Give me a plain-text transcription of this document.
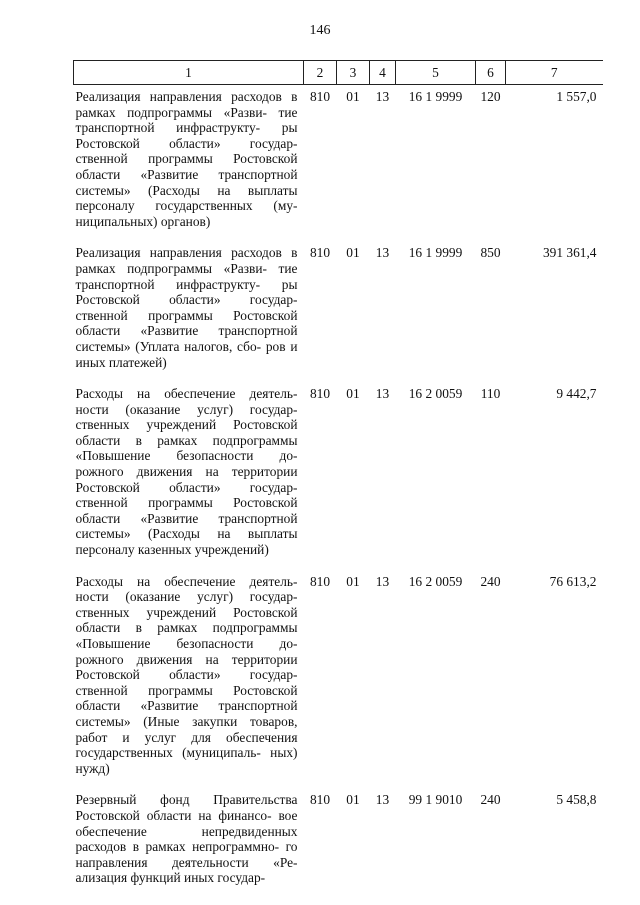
146
1	2	3	4	5	6	7
Реализация направления расходов в рамках подпрограммы «Разви- тие транспортной инфраструкту- ры Ростовской области» государ- ственной программы Ростовской области «Развитие транспортной системы» (Расходы на выплаты персоналу государственных (му- ниципальных) органов)	810	01	13	16 1 9999	120	1 557,0

Реализация направления расходов в рамках подпрограммы «Разви- тие транспортной инфраструкту- ры Ростовской области» государ- ственной программы Ростовской области «Развитие транспортной системы» (Уплата налогов, сбо- ров и иных платежей)	810	01	13	16 1 9999	850	391 361,4

Расходы на обеспечение деятель- ности (оказание услуг) государ- ственных учреждений Ростовской области в рамках подпрограммы «Повышение безопасности до- рожного движения на территории Ростовской области» государ- ственной программы Ростовской области «Развитие транспортной системы» (Расходы на выплаты персоналу казенных учреждений)	810	01	13	16 2 0059	110	9 442,7

Расходы на обеспечение деятель- ности (оказание услуг) государ- ственных учреждений Ростовской области в рамках подпрограммы «Повышение безопасности до- рожного движения на территории Ростовской области» государ- ственной программы Ростовской области «Развитие транспортной системы» (Иные закупки товаров, работ и услуг для обеспечения государственных (муниципаль- ных) нужд)	810	01	13	16 2 0059	240	76 613,2

Резервный фонд Правительства Ростовской области на финансо- вое обеспечение непредвиденных расходов в рамках непрограммно- го направления деятельности «Ре- ализация функций иных государ-	810	01	13	99 1 9010	240	5 458,8
